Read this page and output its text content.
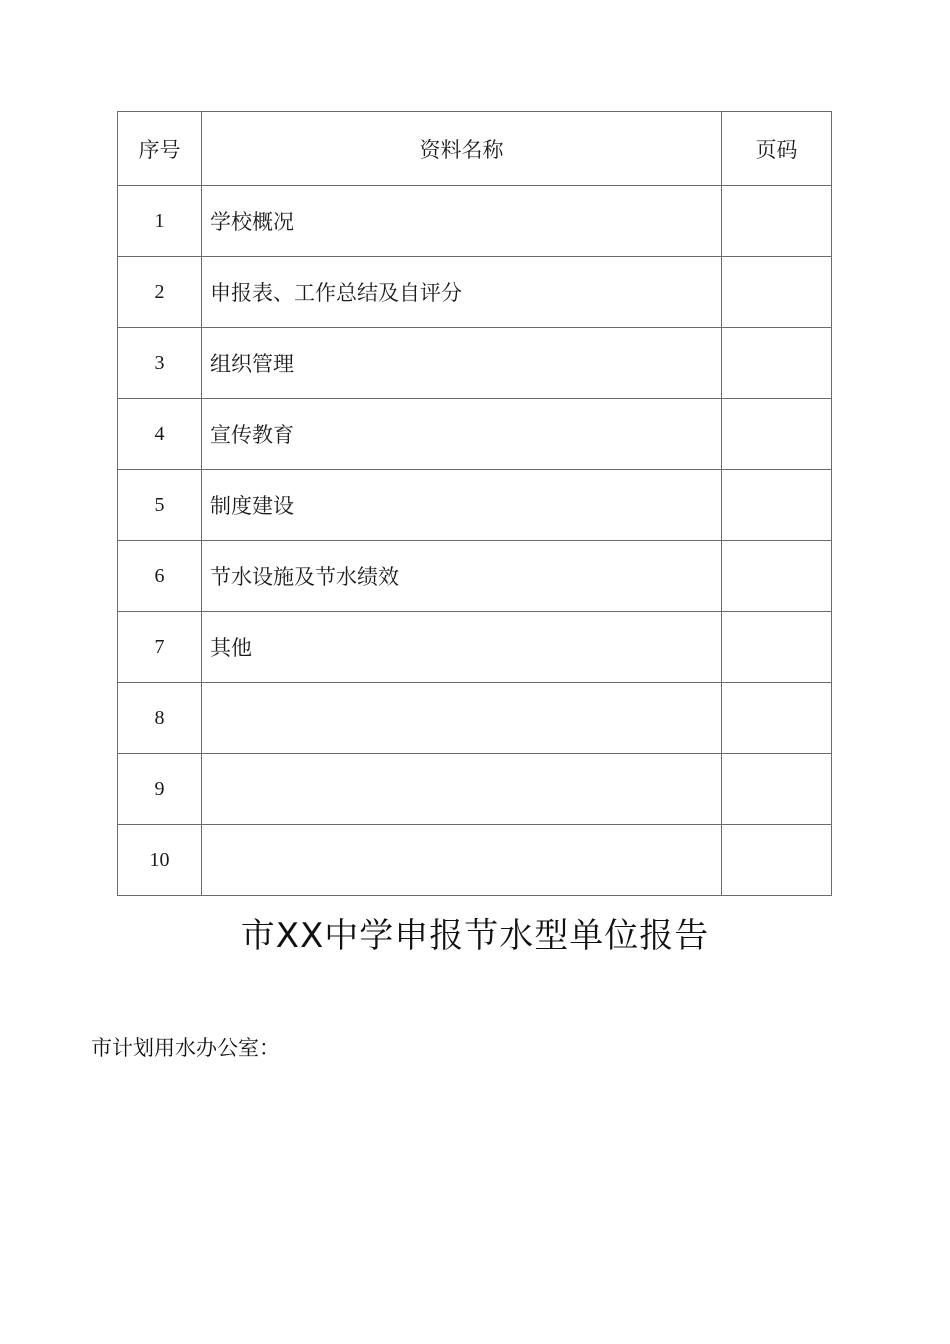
序号	资料名称	页码
1	学校概况	
2	申报表、工作总结及自评分	
3	组织管理	
4	宣传教育	
5	制度建设	
6	节水设施及节水绩效	
7	其他	
8		
9		
10		
市XX中学申报节水型单位报告

市计划用水办公室：
